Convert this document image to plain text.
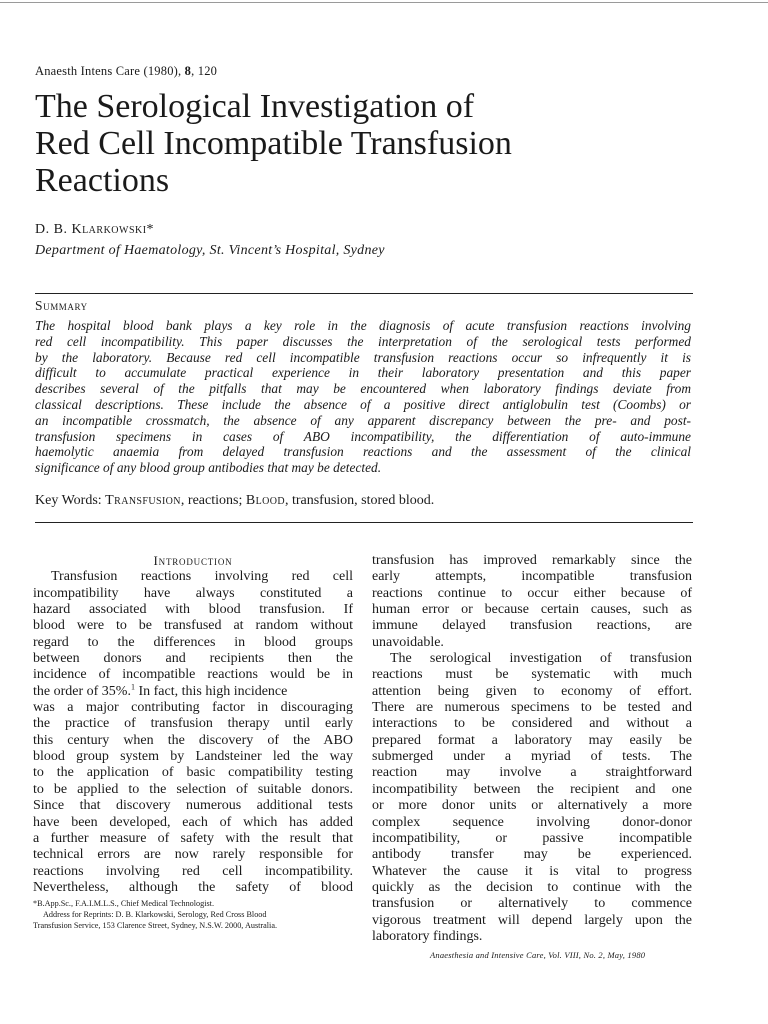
Anaesth Intens Care (1980), 8, 120
The Serological Investigation of
Red Cell Incompatible Transfusion
Reactions
D. B. Klarkowski*
Department of Haematology, St. Vincent’s Hospital, Sydney
Summary

The hospital blood bank plays a key role in the diagnosis of acute transfusion reactions involving
red cell incompatibility. This paper discusses the interpretation of the serological tests performed
by the laboratory. Because red cell incompatible transfusion reactions occur so infrequently it is
difficult to accumulate practical experience in their laboratory presentation and this paper
describes several of the pitfalls that may be encountered when laboratory findings deviate from
classical descriptions. These include the absence of a positive direct antiglobulin test (Coombs) or
an incompatible crossmatch, the absence of any apparent discrepancy between the pre- and post-
transfusion specimens in cases of ABO incompatibility, the differentiation of auto-immune
haemolytic anaemia from delayed transfusion reactions and the assessment of the clinical
significance of any blood group antibodies that may be detected.

Key Words: Transfusion, reactions; Blood, transfusion, stored blood.
Introduction
Transfusion reactions involving red cell
incompatibility have always constituted a
hazard associated with blood transfusion. If
blood were to be transfused at random without
regard to the differences in blood groups
between donors and recipients then the
incidence of incompatible reactions would be in
the order of 35%.$^1$ In fact, this high incidence
was a major contributing factor in discouraging
the practice of transfusion therapy until early
this century when the discovery of the ABO
blood group system by Landsteiner led the way
to the application of basic compatibility testing
to be applied to the selection of suitable donors.
Since that discovery numerous additional tests
have been developed, each of which has added
a further measure of safety with the result that
technical errors are now rarely responsible for
reactions involving red cell incompatibility.
Nevertheless, although the safety of blood
transfusion has improved remarkably since the
early attempts, incompatible transfusion
reactions continue to occur either because of
human error or because certain causes, such as
immune delayed transfusion reactions, are
unavoidable.
The serological investigation of transfusion
reactions must be systematic with much
attention being given to economy of effort.
There are numerous specimens to be tested and
interactions to be considered and without a
prepared format a laboratory may easily be
submerged under a myriad of tests. The
reaction may involve a straightforward
incompatibility between the recipient and one
or more donor units or alternatively a more
complex sequence involving donor-donor
incompatibility, or passive incompatible
antibody transfer may be experienced.
Whatever the cause it is vital to progress
quickly as the decision to continue with the
transfusion or alternatively to commence
vigorous treatment will depend largely upon the
laboratory findings.
*B.App.Sc., F.A.I.M.L.S., Chief Medical Technologist.
Address for Reprints: D. B. Klarkowski, Serology, Red Cross Blood
Transfusion Service, 153 Clarence Street, Sydney, N.S.W. 2000, Australia.
Anaesthesia and Intensive Care, Vol. VIII, No. 2, May, 1980
